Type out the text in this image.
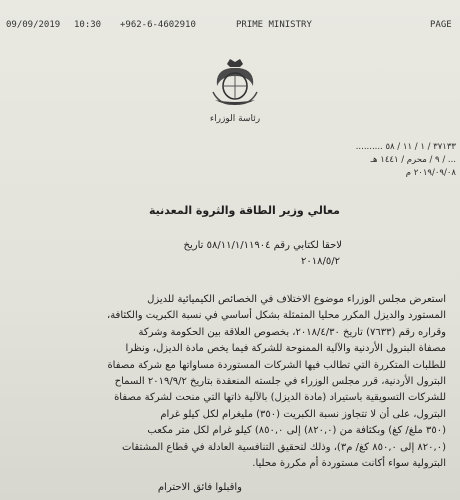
09/09/2019 10:30 +962-6-4602910	PRIME MINISTRY	PAGE
رئاسة الوزراء
٣٧١٣٣ / ١ / ١١ / ٥٨ ..........
... / ٩ / محرم / ١٤٤١ هـ
٢٠١٩/٠٩/٠٨ م
معالي وزير الطاقة والثروة المعدنية
لاحقا لكتابي رقم ٥٨/١١/١/١١٩٠٤ تاريخ
٢٠١٨/٥/٢
استعرض مجلس الوزراء موضوع الاختلاف في الخصائص الكيميائية للديزل
المستورد والديزل المكرر محليا المتمثلة بشكل أساسي في نسبة الكبريت والكثافة،
وقراره رقم (٧٦٣٣) تاريخ ٢٠١٨/٤/٣٠، بخصوص العلاقة بين الحكومة وشركة
مصفاة البترول الأردنية والآلية الممنوحة للشركة فيما يخص مادة الديزل، ونظرا
للطلبات المتكررة التي تطالب فيها الشركات المستوردة مساواتها مع شركة مصفاة
البترول الأردنية، قرر مجلس الوزراء في جلسته المنعقدة بتاريخ ٢٠١٩/٩/٢ السماح
للشركات التسويقية باستيراد (مادة الديزل) بالآلية ذاتها التي منحت لشركة مصفاة
البترول، على أن لا تتجاوز نسبة الكبريت (٣٥٠) مليغرام لكل كيلو غرام
(٣٥٠ ملغ/ كغ) وبكثافة من (٨٢٠,٠) إلى ٨٥٠,٠) كيلو غرام لكل متر مكعب
(٨٢٠,٠ إلى ٨٥٠,٠ كغ/ م٣)، وذلك لتحقيق التنافسية العادلة في قطاع المشتقات
البترولية سواء أكانت مستوردة أم مكررة محليا.
واقبلوا فائق الاحترام
